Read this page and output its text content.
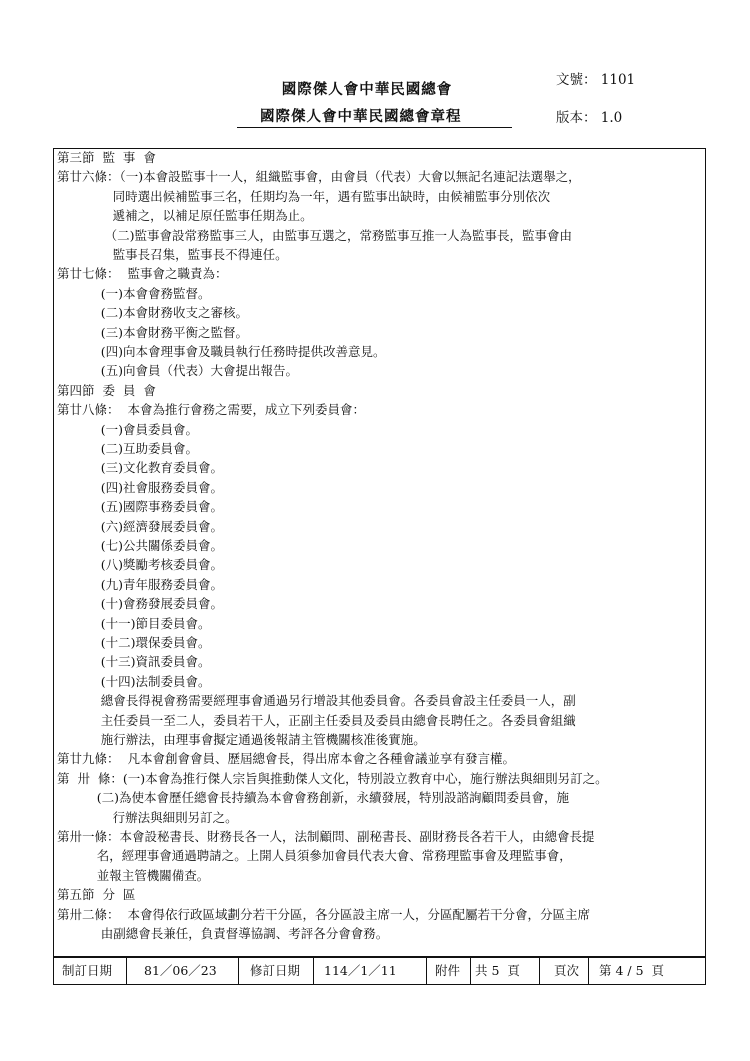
文號： 1101
國際傑人會中華民國總會
版本： 1.0
國際傑人會中華民國總會章程
第三節  監  事  會
第廿六條：（一)本會設監事十一人，組織監事會，由會員（代表）大會以無記名連記法選舉之，
同時選出候補監事三名，任期均為一年，遇有監事出缺時，由候補監事分別依次
遞補之，以補足原任監事任期為止。
（二)監事會設常務監事三人，由監事互選之，常務監事互推一人為監事長，監事會由
監事長召集，監事長不得連任。
第廿七條：  監事會之職責為：
(一)本會會務監督。
(二)本會財務收支之審核。
(三)本會財務平衡之監督。
(四)向本會理事會及職員執行任務時提供改善意見。
(五)向會員（代表）大會提出報告。
第四節  委  員  會
第廿八條：  本會為推行會務之需要，成立下列委員會：
(一)會員委員會。
(二)互助委員會。
(三)文化教育委員會。
(四)社會服務委員會。
(五)國際事務委員會。
(六)經濟發展委員會。
(七)公共關係委員會。
(八)獎勵考核委員會。
(九)青年服務委員會。
(十)會務發展委員會。
(十一)節目委員會。
(十二)環保委員會。
(十三)資訊委員會。
(十四)法制委員會。
總會長得視會務需要經理事會通過另行增設其他委員會。各委員會設主任委員一人，副
主任委員一至二人，委員若干人，正副主任委員及委員由總會長聘任之。各委員會組織
施行辦法，由理事會擬定通過後報請主管機關核准後實施。
第廿九條：  凡本會創會會員、歷屆總會長，得出席本會之各種會議並享有發言權。
第  卅  條：(一)本會為推行傑人宗旨與推動傑人文化，特別設立教育中心，施行辦法與細則另訂之。
(二)為使本會歷任總會長持續為本會會務創新，永續發展，特別設諮詢顧問委員會，施
行辦法與細則另訂之。
第卅一條：本會設秘書長、財務長各一人，法制顧問、副秘書長、副財務長各若干人，由總會長提
名，經理事會通過聘請之。上開人員須參加會員代表大會、常務理監事會及理監事會，
並報主管機關備查。
第五節  分  區
第卅二條：  本會得依行政區域劃分若干分區，各分區設主席一人，分區配屬若干分會，分區主席
由副總會長兼任，負責督導協調、考評各分會會務。
制訂日期	81／06／23	修訂日期 114／1／11	附件 共 5  頁	頁次 第 4 / 5  頁
